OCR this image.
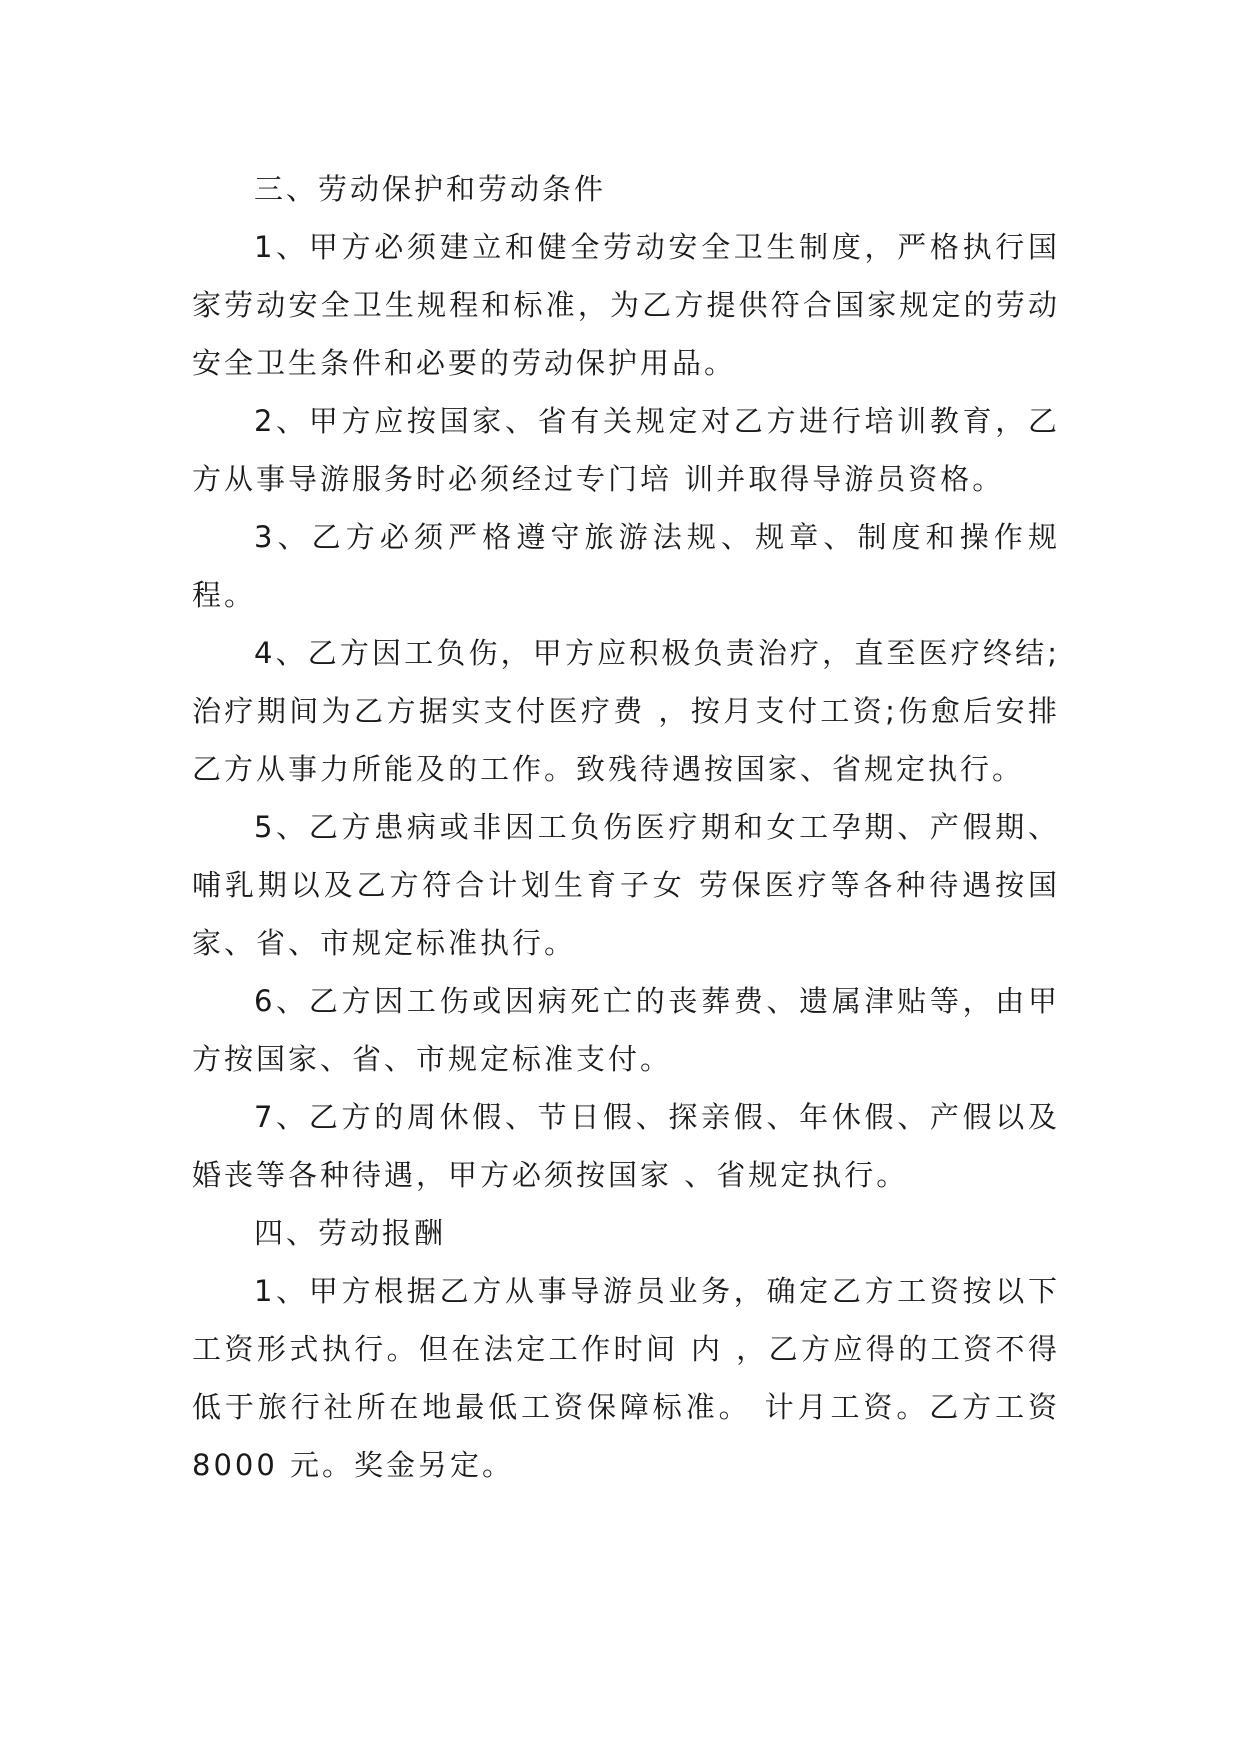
三、劳动保护和劳动条件

1、甲方必须建立和健全劳动安全卫生制度，严格执行国家劳动安全卫生规程和标准，为乙方提供符合国家规定的劳动安全卫生条件和必要的劳动保护用品。

2、甲方应按国家、省有关规定对乙方进行培训教育，乙方从事导游服务时必须经过专门培 训并取得导游员资格。

3、乙方必须严格遵守旅游法规、规章、制度和操作规程。

4、乙方因工负伤，甲方应积极负责治疗，直至医疗终结;治疗期间为乙方据实支付医疗费 ，按月支付工资;伤愈后安排乙方从事力所能及的工作。致残待遇按国家、省规定执行。

5、乙方患病或非因工负伤医疗期和女工孕期、产假期、哺乳期以及乙方符合计划生育子女 劳保医疗等各种待遇按国家、省、市规定标准执行。

6、乙方因工伤或因病死亡的丧葬费、遗属津贴等，由甲方按国家、省、市规定标准支付。

7、乙方的周休假、节日假、探亲假、年休假、产假以及婚丧等各种待遇，甲方必须按国家 、省规定执行。

四、劳动报酬

1、甲方根据乙方从事导游员业务，确定乙方工资按以下工资形式执行。但在法定工作时间 内 ，乙方应得的工资不得低于旅行社所在地最低工资保障标准。 计月工资。乙方工资 8000 元。奖金另定。
